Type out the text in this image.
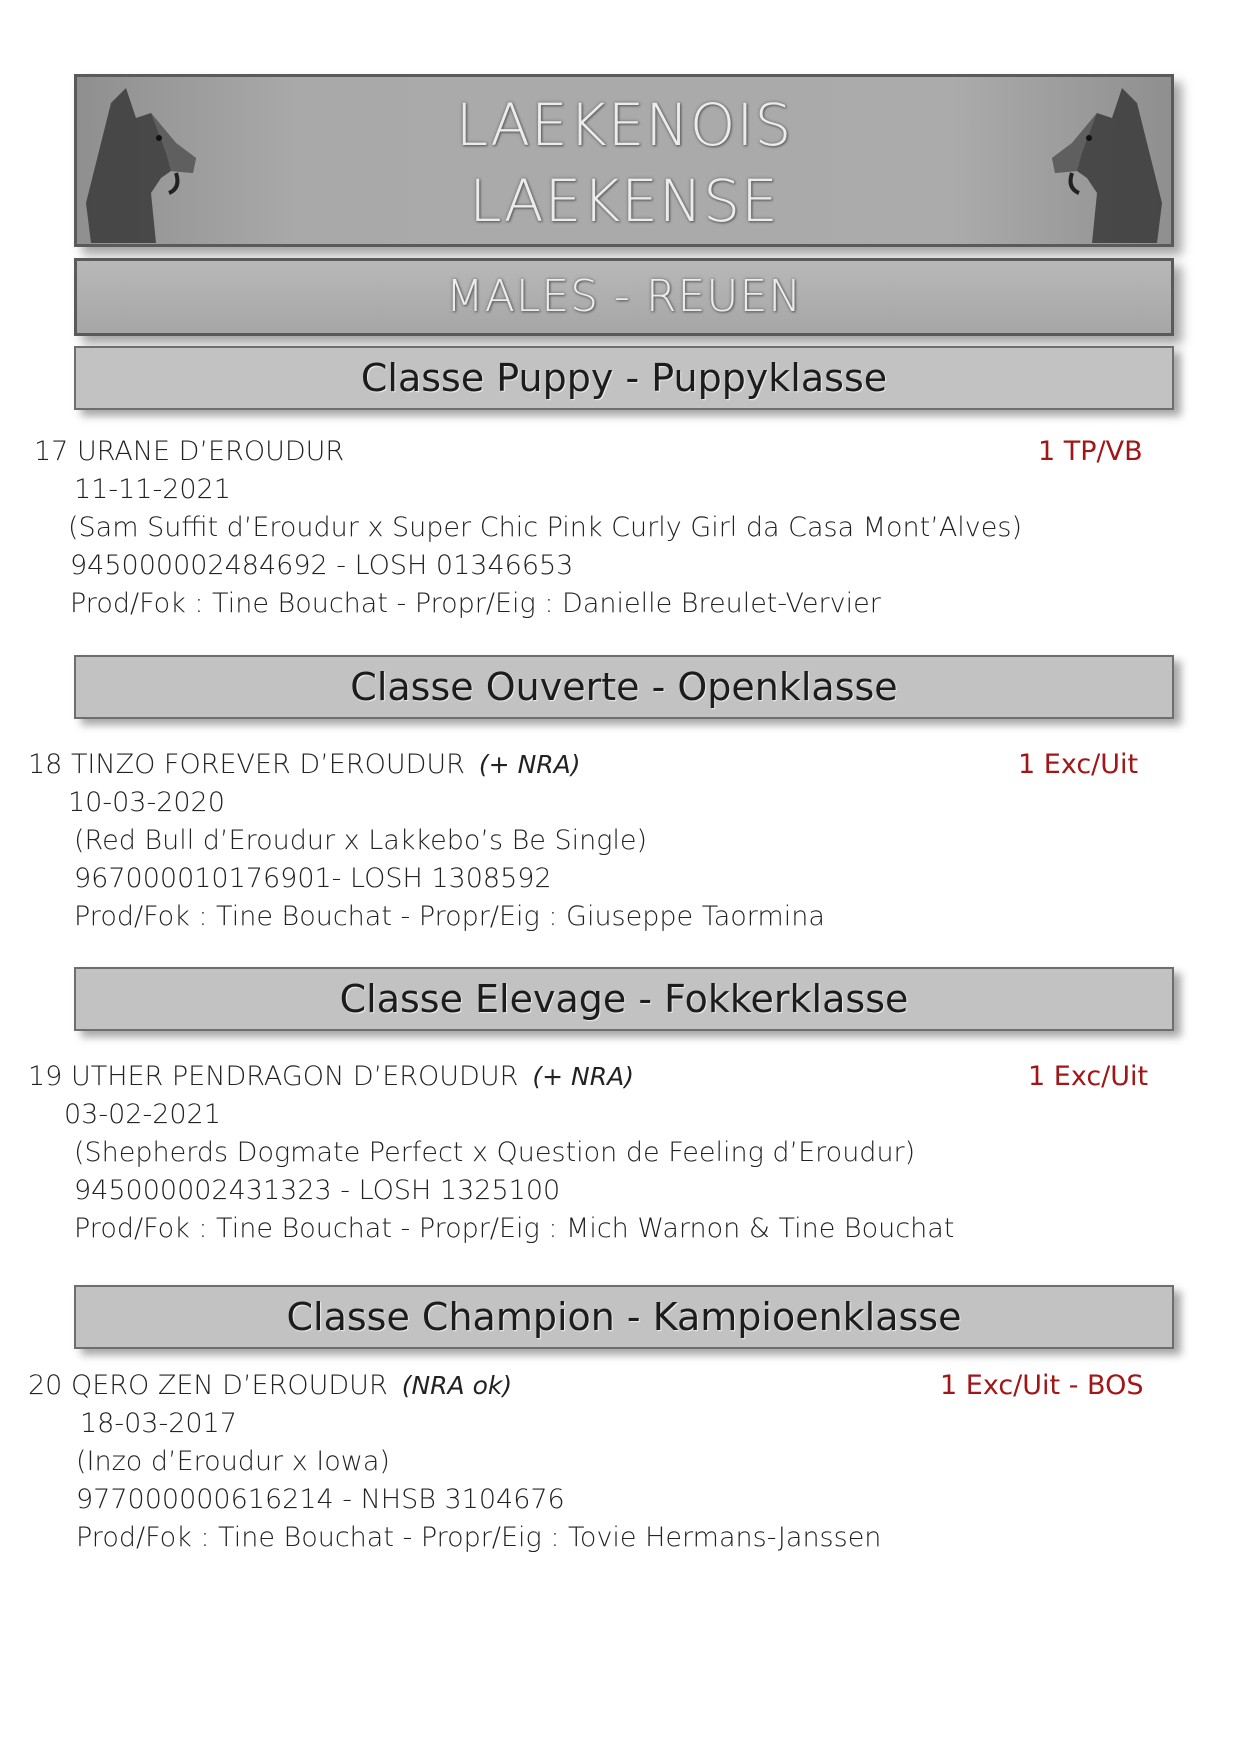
LAEKENOIS
LAEKENSE
MALES - REUEN
Classe Puppy - Puppyklasse
17 URANE D’EROUDUR	1 TP/VB
11-11-2021
(Sam Suffit d’Eroudur x Super Chic Pink Curly Girl da Casa Mont’Alves)
945000002484692 - LOSH 01346653
Prod/Fok : Tine Bouchat - Propr/Eig : Danielle Breulet-Vervier
Classe Ouverte - Openklasse
18 TINZO FOREVER D’EROUDUR (+ NRA)	1 Exc/Uit
10-03-2020
(Red Bull d’Eroudur x Lakkebo’s Be Single)
967000010176901- LOSH 1308592
Prod/Fok : Tine Bouchat - Propr/Eig : Giuseppe Taormina
Classe Elevage - Fokkerklasse
19 UTHER PENDRAGON D’EROUDUR (+ NRA)	1 Exc/Uit
03-02-2021
(Shepherds Dogmate Perfect x Question de Feeling d’Eroudur)
945000002431323 - LOSH 1325100
Prod/Fok : Tine Bouchat - Propr/Eig : Mich Warnon & Tine Bouchat
Classe Champion - Kampioenklasse
20 QERO ZEN D’EROUDUR (NRA ok)	1 Exc/Uit - BOS
18-03-2017
(Inzo d’Eroudur x Iowa)
977000000616214 - NHSB 3104676
Prod/Fok : Tine Bouchat - Propr/Eig : Tovie Hermans-Janssen
